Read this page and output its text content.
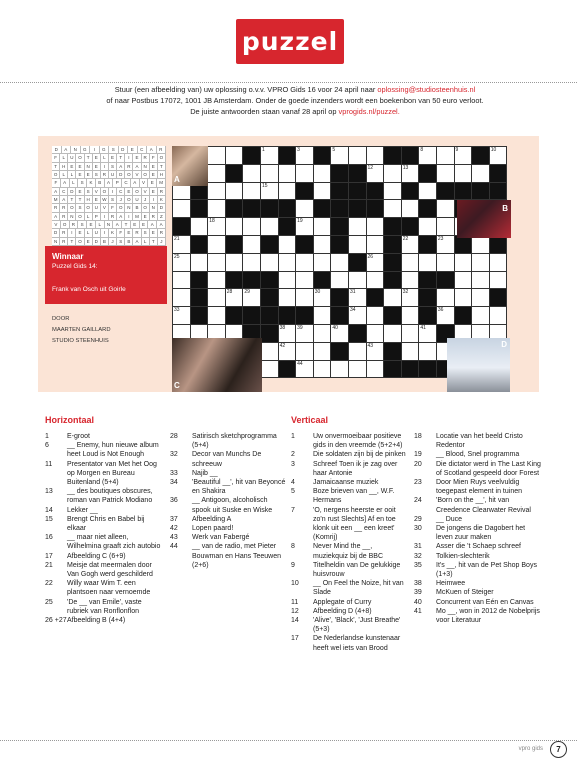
puzzel
Stuur (een afbeelding van) uw oplossing o.v.v. VPRO Gids 16 voor 24 april naar oplossing@studiosteenhuis.nl
of naar Postbus 17072, 1001 JB Amsterdam. Onder de goede inzenders wordt een boekenbon van 50 euro verloot.
De juiste antwoorden staan vanaf 28 april op vprogids.nl/puzzel.
D	A	N	G	I	G	S	D	E	C	A	R
F	L	U	O	T	E	L	E	T	I	E	R	F	O
T	H	E	E	N	E	I	S	A	R	A	N	E	T
O	L	L	E	E	S	R	U	D	O	V	O	E	H
F	A	L	S	K	B	A	P	C	A	V	E	M
A	C	D	E	S	V	O	I	C	E	O	V	E	R
M	A	T	T	H	E	W	S	J	O	U	J	I	K
R	R	O	S	O	U	V	F	O	N	B	O	N	D
A	R	N	O	L	P	I	R	A	I	M	E	R	Z
V	O	R	S	E	L	N	A	T	E	E	A	A
D	R	I	E	L	U	I	K	F	E	R	S	E	R
N	R	T	O	E	D	B	J	S	B	A	L	T	J
Winnaar
Puzzel Gids 14:
Frank van Osch uit Goirle
DOOR
MAARTEN GAILLARD
STUDIO STEENHUIS
1	3	5	8	9	10
12	13
15
18	19
21	22	23
25	26
28 29	30	31	32
33	34	36
38 39	40	41
42	43
44
A
B
C
D
Horizontaal	Verticaal
1	E-groot
6	__ Enemy, hun nieuwe album heet Loud is Not Enough
11	Presentator van Met het Oog op Morgen en Bureau Buitenland (5+4)
13	__ des boutiques obscures, roman van Patrick Modiano
14	Lekker __
15	Brengt Chris en Babel bij elkaar
16	__ maar niet alleen, Wilhelmina graaft zich autobio
17	Afbeelding C (6+9)
21	Meisje dat meermalen door Van Gogh werd geschilderd
22	Willy waar Wim T. een plantsoen naar vernoemde
25	'De __ van Emile', vaste rubriek van Ronflonflon
26 +27 Afbeelding B (4+4)
28	Satirisch sketchprogramma (5+4)
32	Decor van Munchs De schreeuw
33	Najib __
34	'Beautiful __', hit van Beyoncé en Shakira
36	__ Antigoon, alcoholisch spook uit Suske en Wiske
37	Afbeelding A
42	Lopen paard!
43	Werk van Fabergé
44	__ van de radio, met Pieter Bouwman en Hans Teeuwen (2+6)
1	Uw onvermoeibaar positieve gids in den vreemde (5+2+4)
2	Die soldaten zijn bij de pinken
3	Schreef Toen ik je zag over haar Antonie
4	Jamaicaanse muziek
5	Boze brieven van __, W.F. Hermans
7	'O, nergens heerste er ooit zo'n rust Slechts] Af en toe klonk uit een __ een kreet' (Komrij)
8	Never Mind the __, muziekquiz bij de BBC
9	Titelheldin van De gelukkige huisvrouw
10	__ On Feel the Noize, hit van Slade
11	Applegate of Curry
12	Afbeelding D (4+8)
14	'Alive', 'Black', 'Just Breathe' (5+3)
17	De Nederlandse kunstenaar heeft wel iets van Brood
18	Locatie van het beeld Cristo Redentor
19	__ Blood, Snel programma
20	Die dictator werd in The Last King of Scotland gespeeld door Forest
23	Door Mien Ruys veelvuldig toegepast element in tuinen
24	'Born on the __', hit van Creedence Clearwater Revival
29	__ Duce
30	De jongens die Dagobert het leven zuur maken
31	Asser die 't Schaep schreef
32	Tolkien-slechterik
35	It's __, hit van de Pet Shop Boys (1+3)
38	Heimwee
39	McKuen of Steiger
40	Concurrent van Eén en Canvas
41	Mo __, won in 2012 de Nobelprijs voor Literatuur
vpro gids	7
